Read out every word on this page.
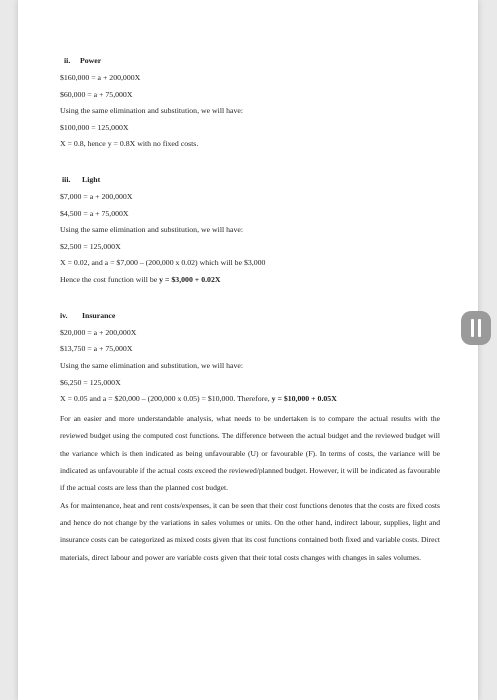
ii. Power
$160,000 = a + 200,000X
$60,000 = a + 75,000X
Using the same elimination and substitution, we will have:
$100,000 = 125,000X
X = 0.8, hence y = 0.8X with no fixed costs.
iii. Light
$7,000 = a + 200,000X
$4,500 = a + 75,000X
Using the same elimination and substitution, we will have:
$2,500 = 125,000X
X = 0.02, and a = $7,000 – (200,000 x 0.02) which will be $3,000
Hence the cost function will be y = $3,000 + 0.02X
iv. Insurance
$20,000 = a + 200,000X
$13,750 = a + 75,000X
Using the same elimination and substitution, we will have:
$6,250 = 125,000X
X = 0.05 and a = $20,000 – (200,000 x 0.05) = $10,000. Therefore, y = $10,000 + 0.05X

For an easier and more understandable analysis, what needs to be undertaken is to compare the actual results with the reviewed budget using the computed cost functions. The difference between the actual budget and the reviewed budget will the variance which is then indicated as being unfavourable (U) or favourable (F). In terms of costs, the variance will be indicated as unfavourable if the actual costs exceed the reviewed/planned budget. However, it will be indicated as favourable if the actual costs are less than the planned cost budget.

As for maintenance, heat and rent costs/expenses, it can be seen that their cost functions denotes that the costs are fixed costs and hence do not change by the variations in sales volumes or units. On the other hand, indirect labour, supplies, light and insurance costs can be categorized as mixed costs given that its cost functions contained both fixed and variable costs. Direct materials, direct labour and power are variable costs given that their total costs changes with changes in sales volumes.
